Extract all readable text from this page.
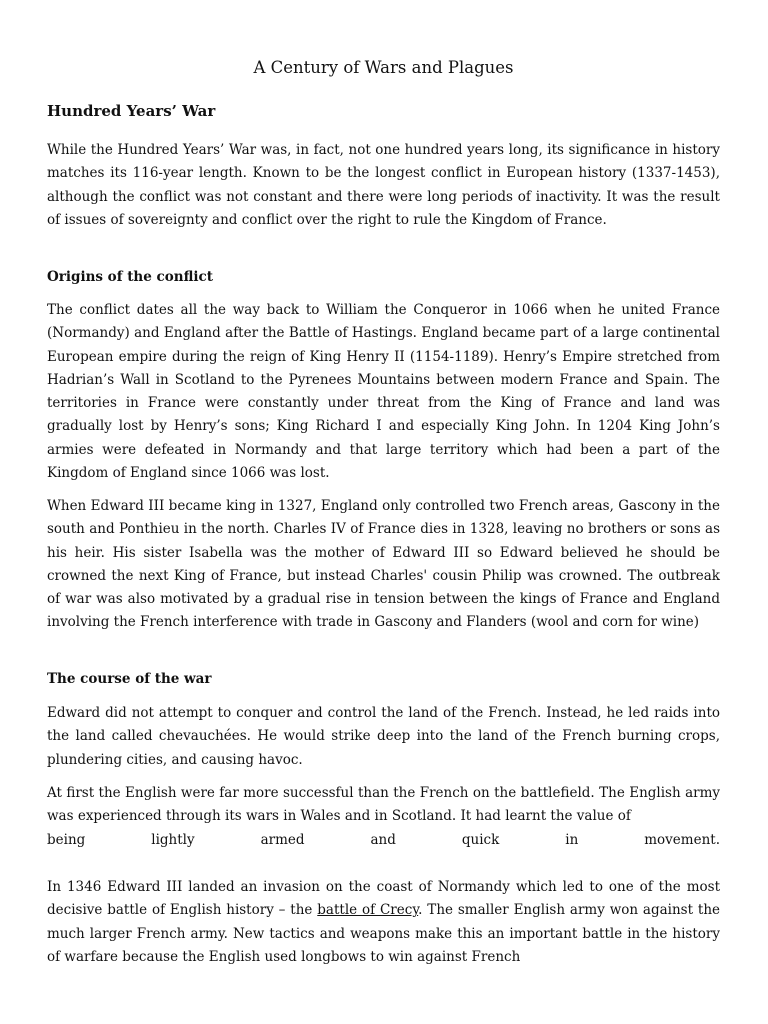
A Century of Wars and Plagues
Hundred Years’ War

While the Hundred Years’ War was, in fact, not one hundred years long, its significance in history matches its 116-year length. Known to be the longest conflict in European history (1337-1453), although the conflict was not constant and there were long periods of inactivity. It was the result of issues of sovereignty and conflict over the right to rule the Kingdom of France.

Origins of the conflict

The conflict dates all the way back to William the Conqueror in 1066 when he united France (Normandy) and England after the Battle of Hastings. England became part of a large continental European empire during the reign of King Henry II (1154-1189). Henry’s Empire stretched from Hadrian’s Wall in Scotland to the Pyrenees Mountains between modern France and Spain. The territories in France were constantly under threat from the King of France and land was gradually lost by Henry’s sons; King Richard I and especially King John. In 1204 King John’s armies were defeated in Normandy and that large territory which had been a part of the Kingdom of England since 1066 was lost.

When Edward III became king in 1327, England only controlled two French areas, Gascony in the south and Ponthieu in the north. Charles IV of France dies in 1328, leaving no brothers or sons as his heir. His sister Isabella was the mother of Edward III so Edward believed he should be crowned the next King of France, but instead Charles' cousin Philip was crowned. The outbreak of war was also motivated by a gradual rise in tension between the kings of France and England involving the French interference with trade in Gascony and Flanders (wool and corn for wine)

The course of the war

Edward did not attempt to conquer and control the land of the French. Instead, he led raids into the land called chevauchées. He would strike deep into the land of the French burning crops, plundering cities, and causing havoc.

At first the English were far more successful than the French on the battlefield. The English army was experienced through its wars in Wales and in Scotland. It had learnt the value of
being lightly armed and quick in movement.

In 1346 Edward III landed an invasion on the coast of Normandy which led to one of the most decisive battle of English history – the battle of Crecy. The smaller English army won against the much larger French army. New tactics and weapons make this an important battle in the history of warfare because the English used longbows to win against French
